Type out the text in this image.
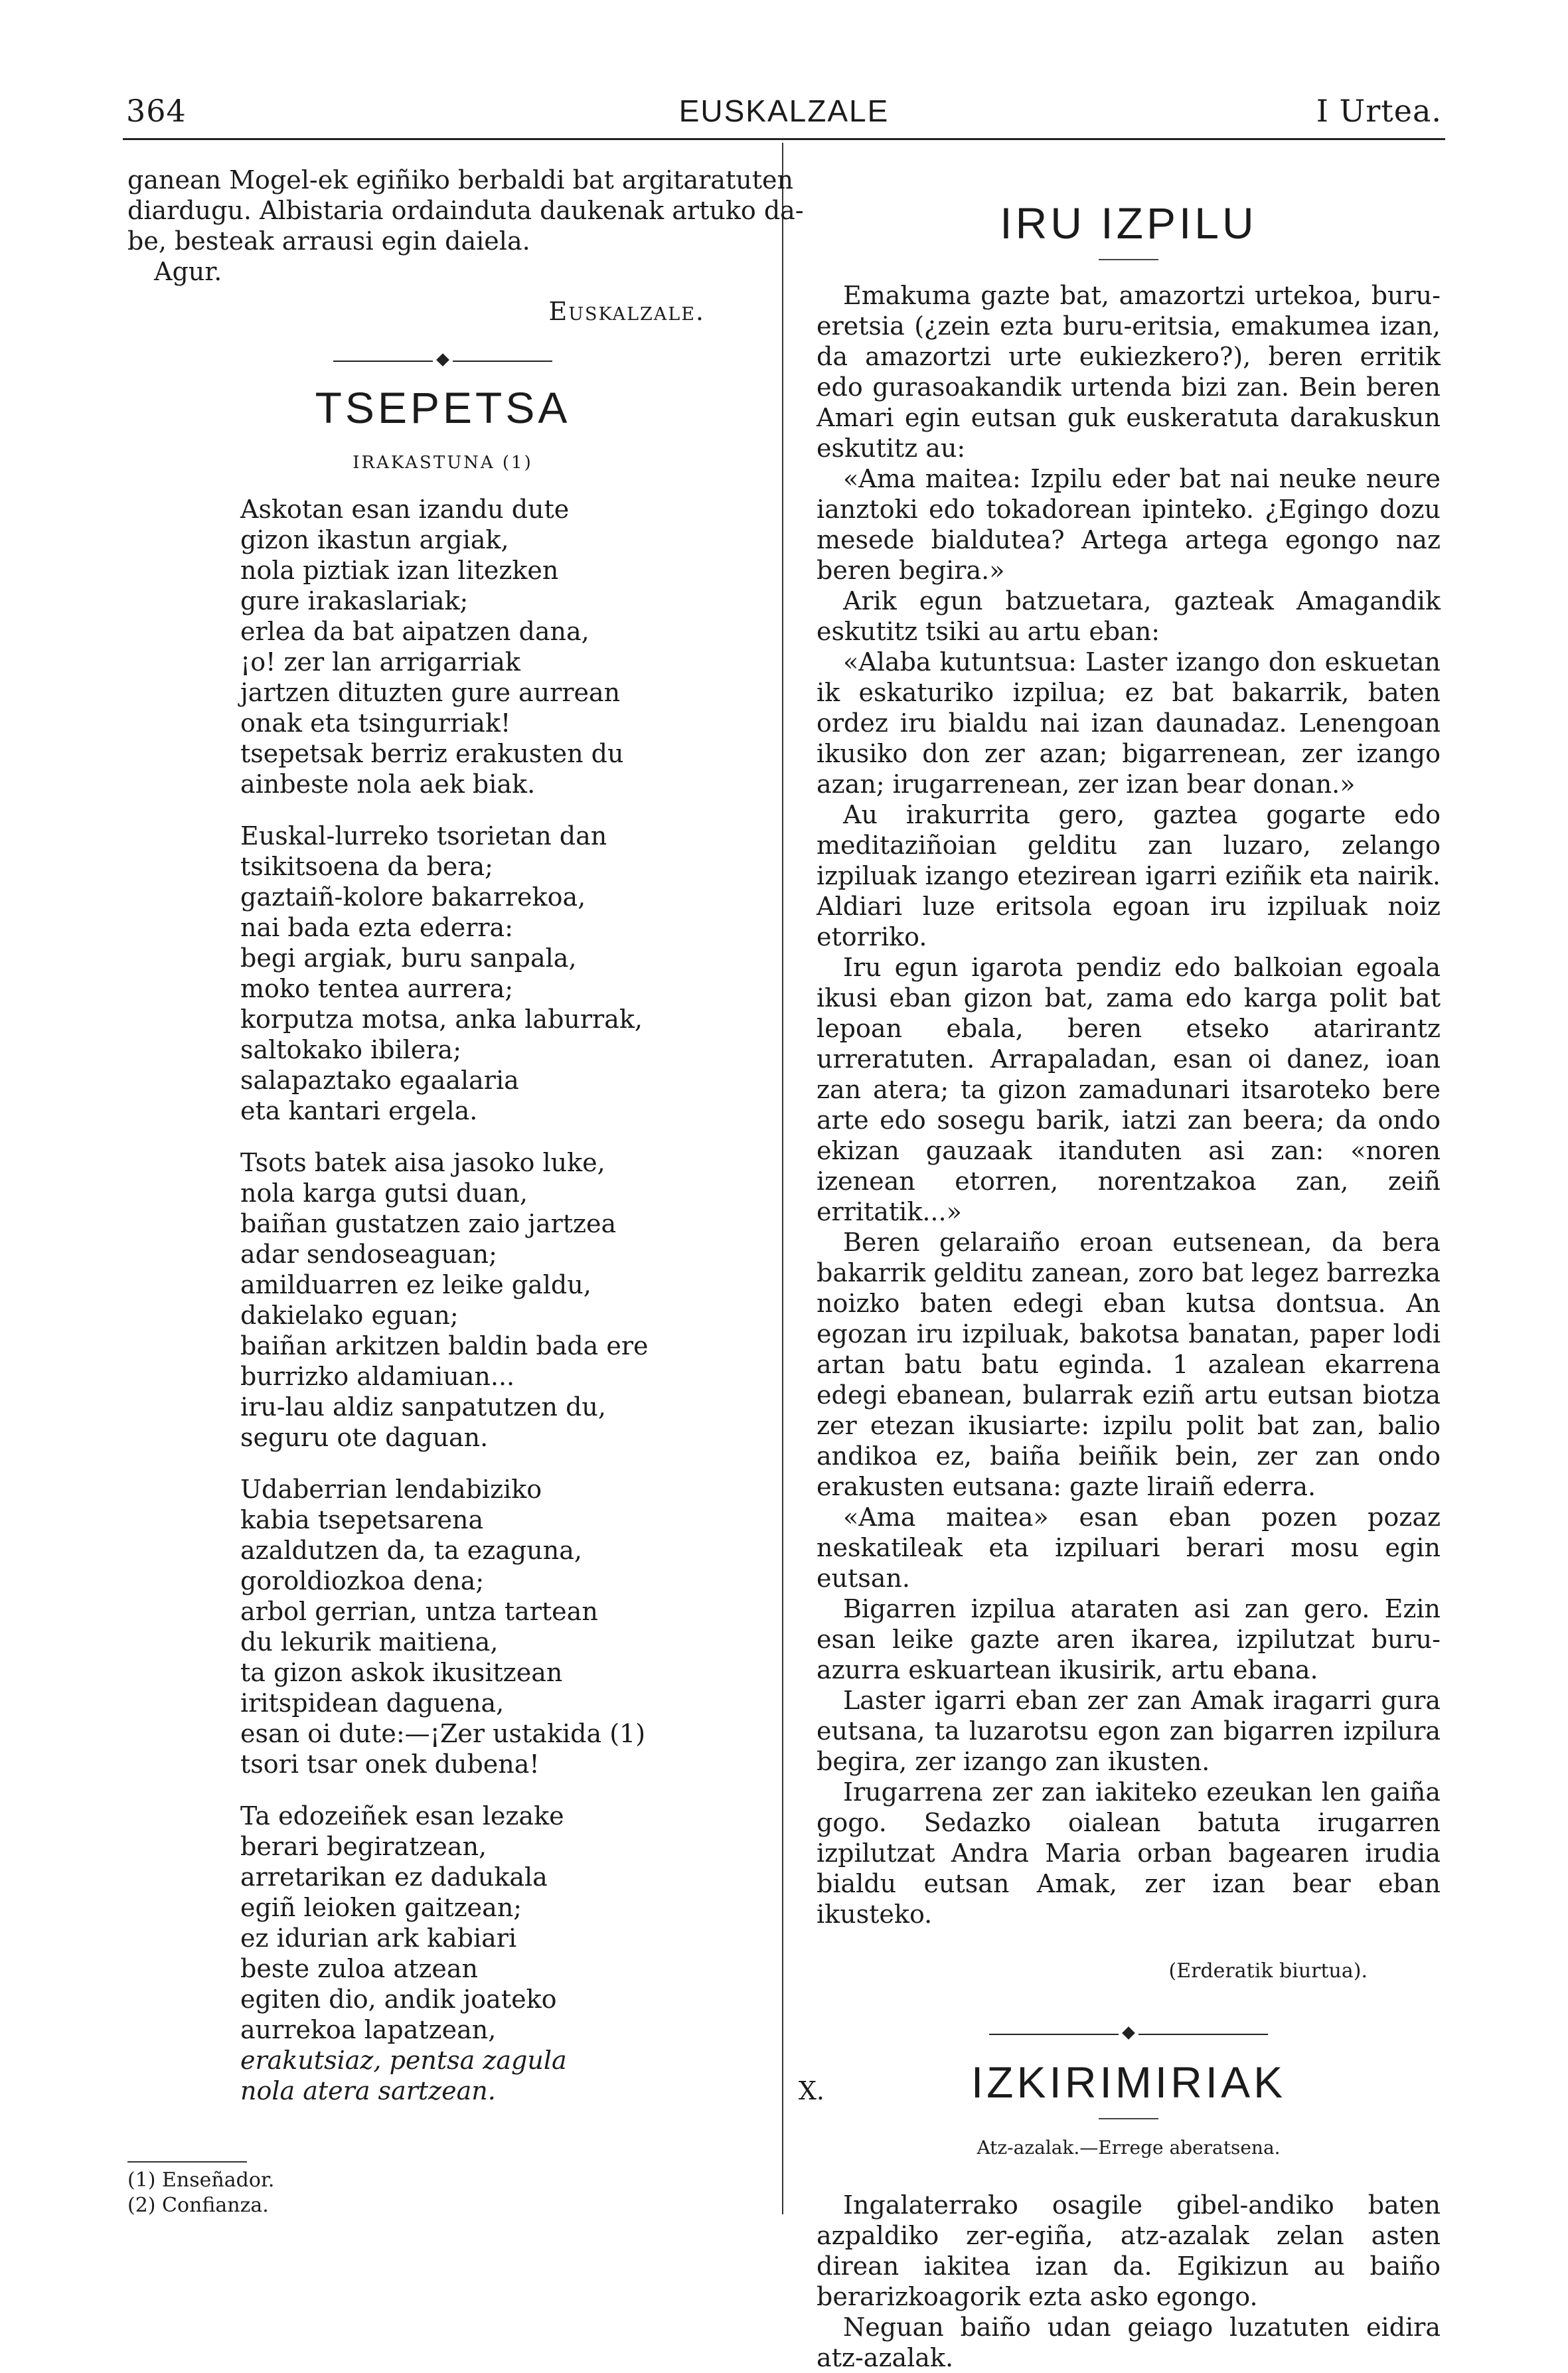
EUSKALZALE
364	I Urtea.

ganean Mogel-ek egiñiko berbaldi bat argitaratuten
diardugu. Albistaria ordainduta daukenak artuko da-
be, besteak arrausi egin daiela.
Agur.

Euskalzale.
TSEPETSA
IRAKASTUNA (1)
Askotan esan izandu dute
gizon ikastun argiak,
nola piztiak izan litezken
gure irakaslariak;
erlea da bat aipatzen dana,
¡o! zer lan arrigarriak
jartzen dituzten gure aurrean
onak eta tsingurriak!
tsepetsak berriz erakusten du
ainbeste nola aek biak.
Euskal-lurreko tsorietan dan
tsikitsoena da bera;
gaztaiñ-kolore bakarrekoa,
nai bada ezta ederra:
begi argiak, buru sanpala,
moko tentea aurrera;
korputza motsa, anka laburrak,
saltokako ibilera;
salapaztako egaalaria
eta kantari ergela.
Tsots batek aisa jasoko luke,
nola karga gutsi duan,
baiñan gustatzen zaio jartzea
adar sendoseaguan;
amilduarren ez leike galdu,
dakielako eguan;
baiñan arkitzen baldin bada ere
burrizko aldamiuan...
iru-lau aldiz sanpatutzen du,
seguru ote daguan.
Udaberrian lendabiziko
kabia tsepetsarena
azaldutzen da, ta ezaguna,
goroldiozkoa dena;
arbol gerrian, untza tartean
du lekurik maitiena,
ta gizon askok ikusitzean
iritspidean daguena,
esan oi dute:—¡Zer ustakida (1)
tsori tsar onek dubena!
Ta edozeiñek esan lezake
berari begiratzean,
arretarikan ez dadukala
egiñ leioken gaitzean;
ez idurian ark kabiari
beste zuloa atzean
egiten dio, andik joateko
aurrekoa lapatzean,
erakutsiaz, pentsa zagula
nola atera sartzean.	X.
(1) Enseñador.
(2) Confianza.
IRU IZPILU

Emakuma gazte bat, amazortzi urtekoa, buru-eretsia (¿zein ezta buru-eritsia, emakumea izan, da amazortzi urte eukiezkero?), beren erritik edo gurasoakandik urtenda bizi zan. Bein beren Amari egin eutsan guk euskeratuta darakuskun eskutitz au:

«Ama maitea: Izpilu eder bat nai neuke neure ianztoki edo tokadorean ipinteko. ¿Egingo dozu mesede bialdutea? Artega artega egongo naz beren begira.»

Arik egun batzuetara, gazteak Amagandik eskutitz tsiki au artu eban:

«Alaba kutuntsua: Laster izango don eskuetan ik eskaturiko izpilua; ez bat bakarrik, baten ordez iru bialdu nai izan daunadaz. Lenengoan ikusiko don zer azan; bigarrenean, zer izango azan; irugarrenean, zer izan bear donan.»

Au irakurrita gero, gaztea gogarte edo meditaziñoian gelditu zan luzaro, zelango izpiluak izango etezirean igarri eziñik eta nairik. Aldiari luze eritsola egoan iru izpiluak noiz etorriko.

Iru egun igarota pendiz edo balkoian egoala ikusi eban gizon bat, zama edo karga polit bat lepoan ebala, beren etseko atarirantz urreratuten. Arrapaladan, esan oi danez, ioan zan atera; ta gizon zamadunari itsaroteko bere arte edo sosegu barik, iatzi zan beera; da ondo ekizan gauzaak itanduten asi zan: «noren izenean etorren, norentzakoa zan, zeiñ erritatik...»

Beren gelaraiño eroan eutsenean, da bera bakarrik gelditu zanean, zoro bat legez barrezka noizko baten edegi eban kutsa dontsua. An egozan iru izpiluak, bakotsa banatan, paper lodi artan batu batu eginda. 1 azalean ekarrena edegi ebanean, bularrak eziñ artu eutsan biotza zer etezan ikusiarte: izpilu polit bat zan, balio andikoa ez, baiña beiñik bein, zer zan ondo erakusten eutsana: gazte liraiñ ederra.

«Ama maitea» esan eban pozen pozaz neskatileak eta izpiluari berari mosu egin eutsan.

Bigarren izpilua ataraten asi zan gero. Ezin esan leike gazte aren ikarea, izpilutzat buru-azurra eskuartean ikusirik, artu ebana.

Laster igarri eban zer zan Amak iragarri gura eutsana, ta luzarotsu egon zan bigarren izpilura begira, zer izango zan ikusten.

Irugarrena zer zan iakiteko ezeukan len gaiña gogo. Sedazko oialean batuta irugarren izpilutzat Andra Maria orban bagearen irudia bialdu eutsan Amak, zer izan bear eban ikusteko.

(Erderatik biurtua).
IZKIRIMIRIAK
Atz-azalak.—Errege aberatsena.

Ingalaterrako osagile gibel-andiko baten azpaldiko zer-egiña, atz-azalak zelan asten direan iakitea izan da. Egikizun au baiño berarizkoagorik ezta asko egongo.

Neguan baiño udan geiago luzatuten eidira atz-azalak.
